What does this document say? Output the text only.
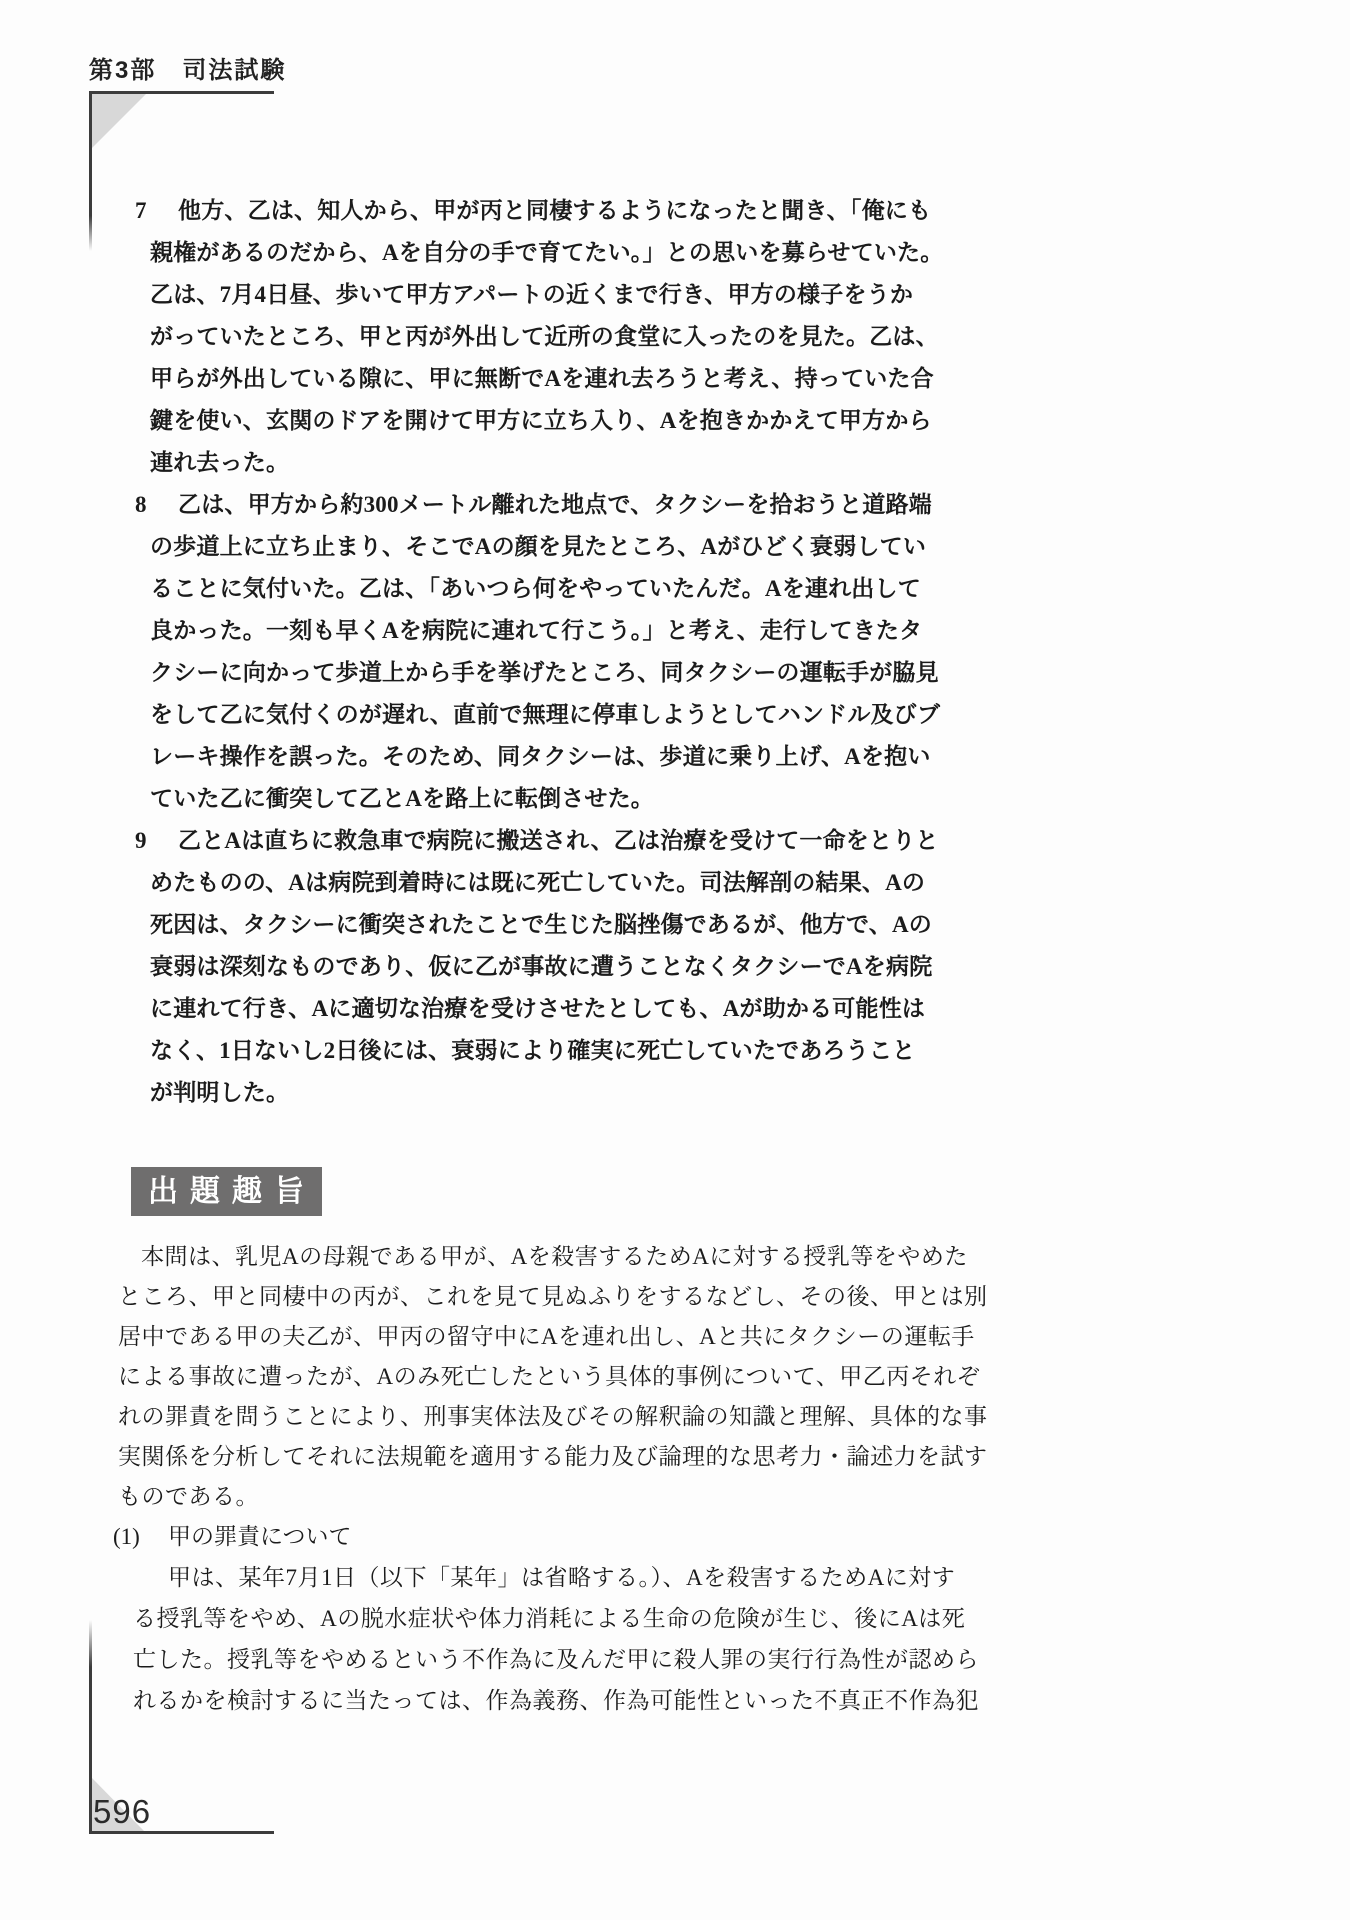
第3部　司法試験
7 他方、乙は、知人から、甲が丙と同棲するようになったと聞き、「俺にも
親権があるのだから、Aを自分の手で育てたい。」との思いを募らせていた。
乙は、7月4日昼、歩いて甲方アパートの近くまで行き、甲方の様子をうか
がっていたところ、甲と丙が外出して近所の食堂に入ったのを見た。乙は、
甲らが外出している隙に、甲に無断でAを連れ去ろうと考え、持っていた合
鍵を使い、玄関のドアを開けて甲方に立ち入り、Aを抱きかかえて甲方から
連れ去った。
8 乙は、甲方から約300メートル離れた地点で、タクシーを拾おうと道路端
の歩道上に立ち止まり、そこでAの顔を見たところ、Aがひどく衰弱してい
ることに気付いた。乙は、「あいつら何をやっていたんだ。Aを連れ出して
良かった。一刻も早くAを病院に連れて行こう。」と考え、走行してきたタ
クシーに向かって歩道上から手を挙げたところ、同タクシーの運転手が脇見
をして乙に気付くのが遅れ、直前で無理に停車しようとしてハンドル及びブ
レーキ操作を誤った。そのため、同タクシーは、歩道に乗り上げ、Aを抱い
ていた乙に衝突して乙とAを路上に転倒させた。
9 乙とAは直ちに救急車で病院に搬送され、乙は治療を受けて一命をとりと
めたものの、Aは病院到着時には既に死亡していた。司法解剖の結果、Aの
死因は、タクシーに衝突されたことで生じた脳挫傷であるが、他方で、Aの
衰弱は深刻なものであり、仮に乙が事故に遭うことなくタクシーでAを病院
に連れて行き、Aに適切な治療を受けさせたとしても、Aが助かる可能性は
なく、1日ないし2日後には、衰弱により確実に死亡していたであろうこと
が判明した。
出題趣旨
本問は、乳児Aの母親である甲が、Aを殺害するためAに対する授乳等をやめた
ところ、甲と同棲中の丙が、これを見て見ぬふりをするなどし、その後、甲とは別
居中である甲の夫乙が、甲丙の留守中にAを連れ出し、Aと共にタクシーの運転手
による事故に遭ったが、Aのみ死亡したという具体的事例について、甲乙丙それぞ
れの罪責を問うことにより、刑事実体法及びその解釈論の知識と理解、具体的な事
実関係を分析してそれに法規範を適用する能力及び論理的な思考力・論述力を試す
ものである。
(1) 甲の罪責について
甲は、某年7月1日（以下「某年」は省略する。）、Aを殺害するためAに対す
る授乳等をやめ、Aの脱水症状や体力消耗による生命の危険が生じ、後にAは死
亡した。授乳等をやめるという不作為に及んだ甲に殺人罪の実行行為性が認めら
れるかを検討するに当たっては、作為義務、作為可能性といった不真正不作為犯
596
